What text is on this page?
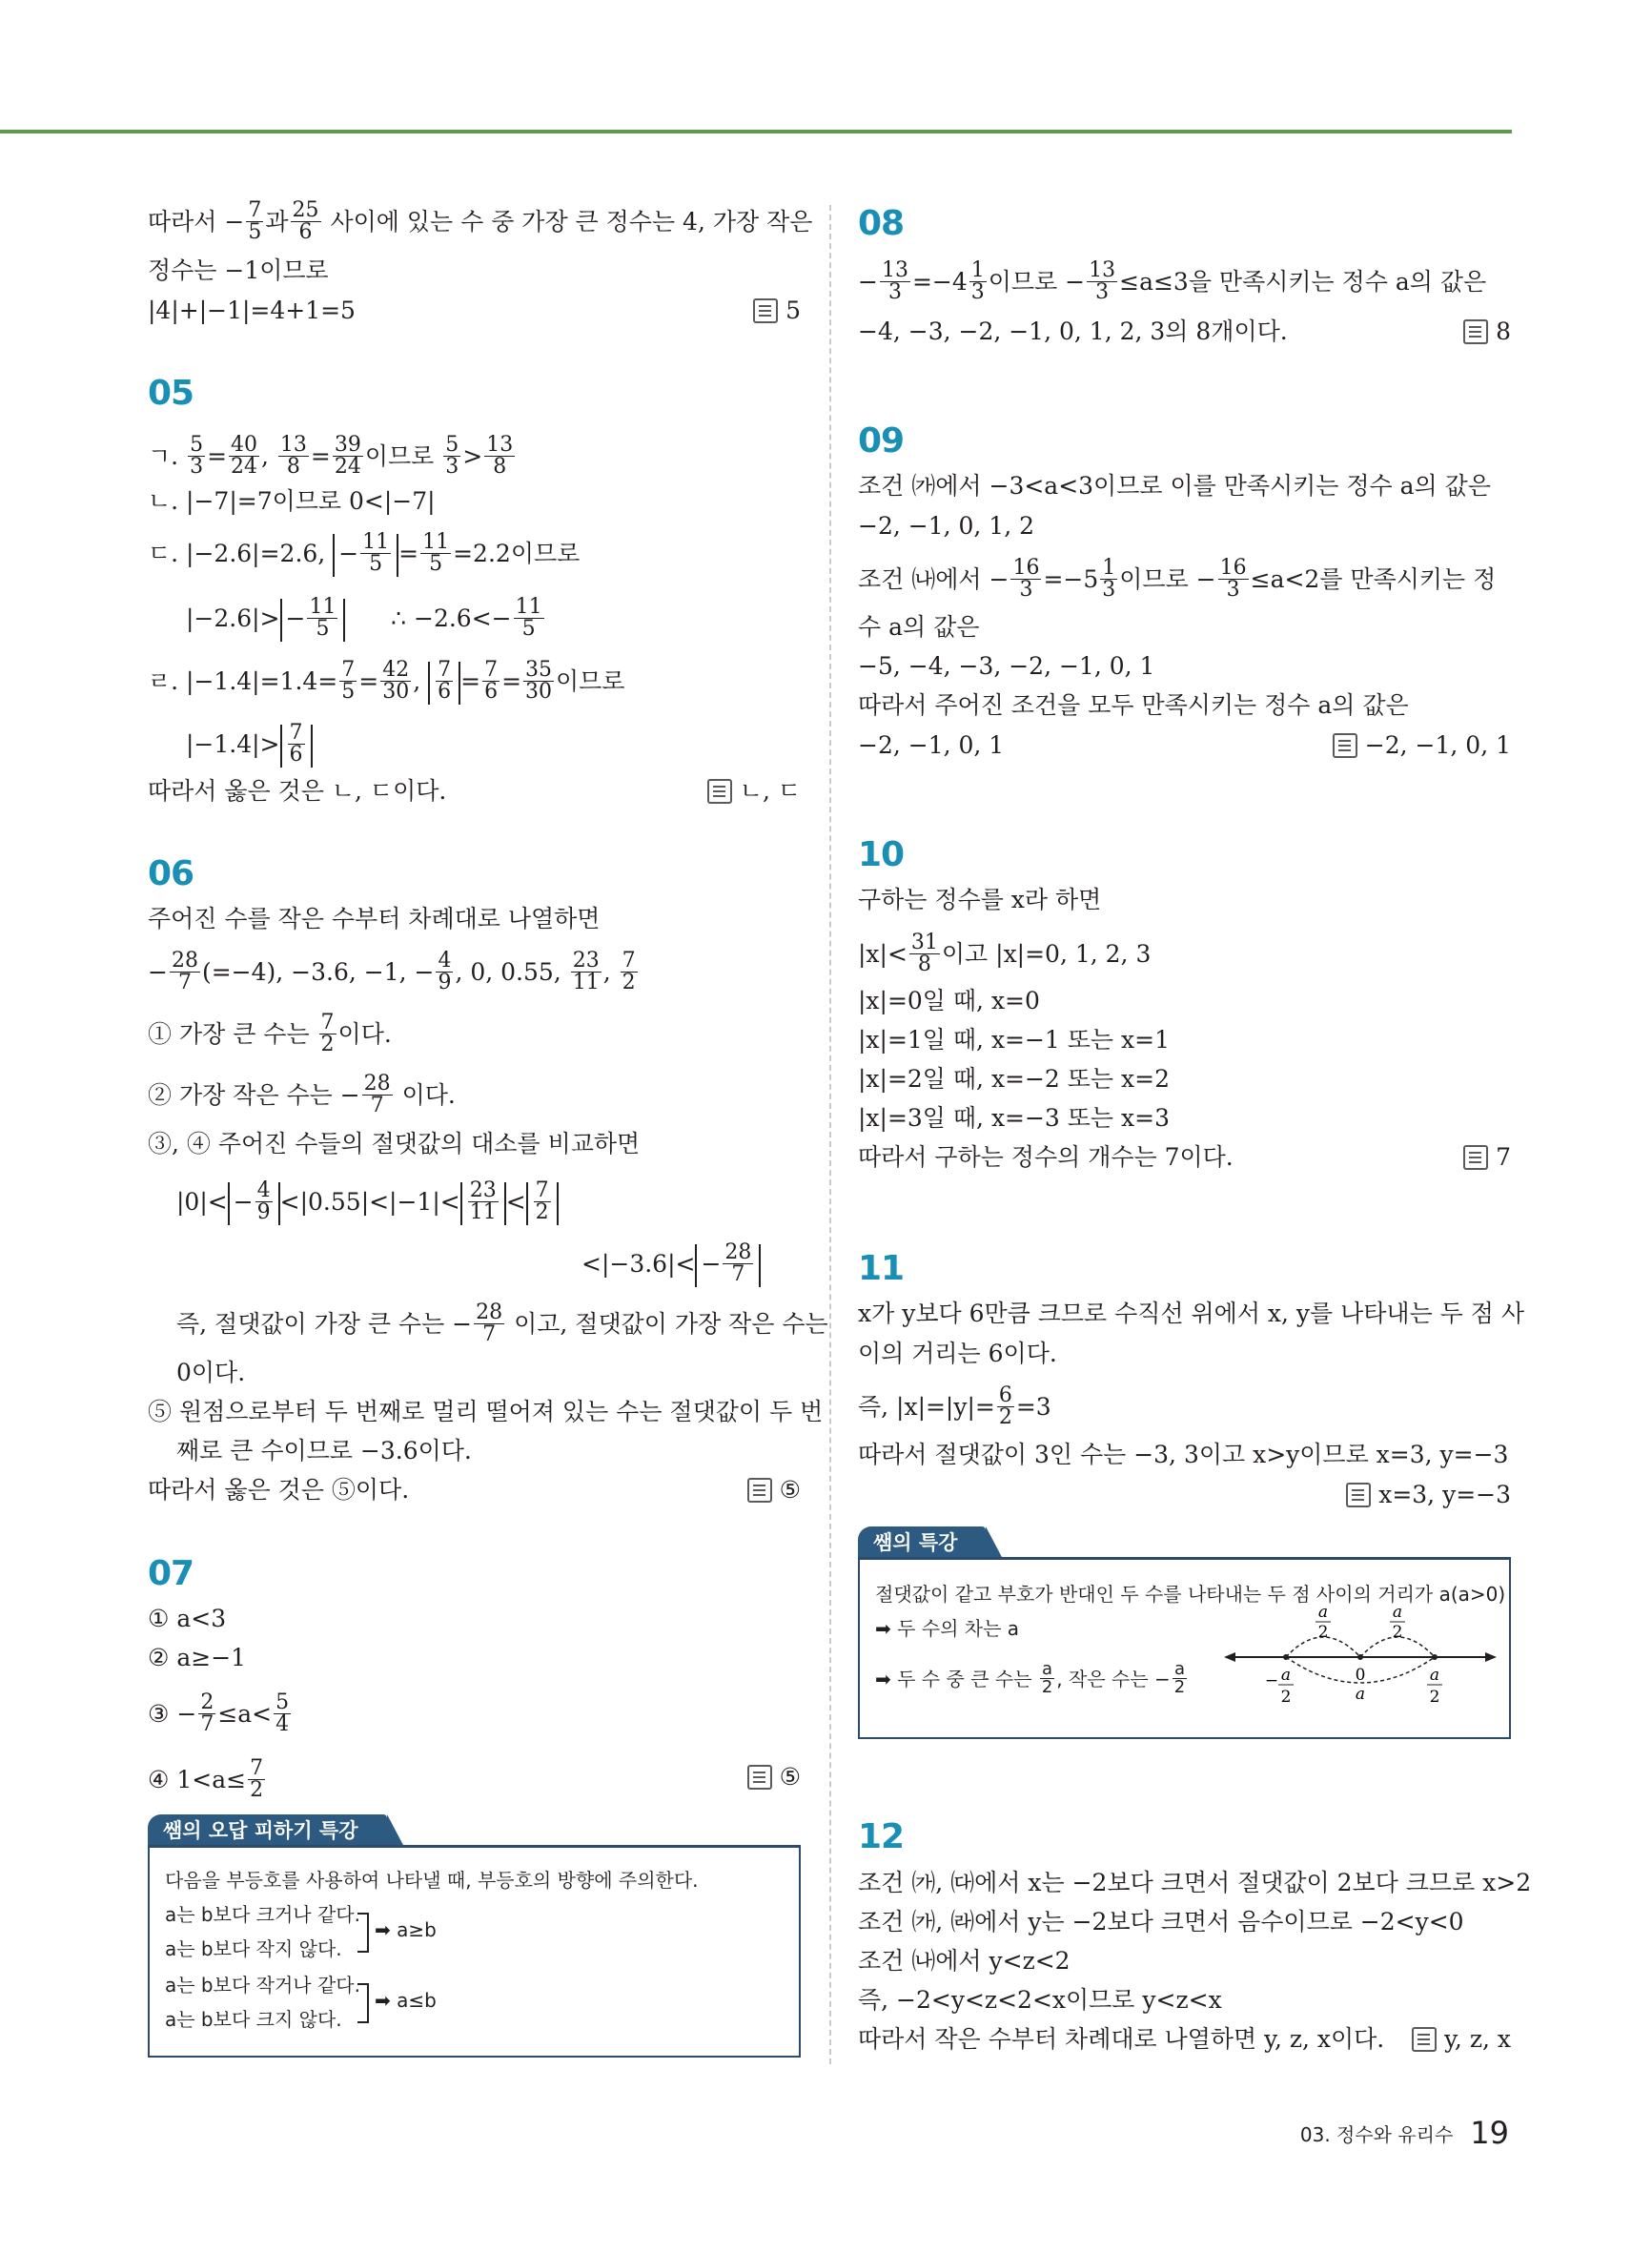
따라서 − $\frac{7}{5}$ 과 $\frac{25}{6}$ 사이에 있는 수 중 가장 큰 정수는 4, 가장 작은
정수는 −1이므로
|4|+|−1|=4+1=5	5
05
ㄱ. $\frac{5}{3} = \frac{40}{24}$ , $\frac{13}{8} = \frac{39}{24}$ 이므로 $\frac{5}{3} > \frac{13}{8}$
ㄴ. |−7|=7이므로 0<|−7|
ㄷ. |−2.6|=2.6, − $\frac{11}{5} = \frac{11}{5} =2.2$이므로
$|-2.6|> - \frac{11}{5}$ ∴ $-2.6<- \frac{11}{5}$
ㄹ. $|-1.4|=1.4= \frac{7}{5} = \frac{42}{30}$ , $\frac{7}{6} = \frac{7}{6} = \frac{35}{30}$ 이므로
$|-1.4|> \frac{7}{6}$
따라서 옳은 것은 ㄴ, ㄷ이다.	ㄴ, ㄷ
06
주어진 수를 작은 수부터 차례대로 나열하면
− $\frac{28}{7} (=-4)$, −3.6, −1, − $\frac{4}{9}$ , 0, 0.55, $\frac{23}{11}$ , $\frac{7}{2}$
① 가장 큰 수는 $\frac{7}{2}$ 이다.
② 가장 작은 수는 − $\frac{28}{7}$ 이다.
③, ④ 주어진 수들의 절댓값의 대소를 비교하면
$|0|< - \frac{4}{9} <|0.55|<|-1|< \frac{23}{11} < \frac{7}{2}$
$<|-3.6|< - \frac{28}{7}$
즉, 절댓값이 가장 큰 수는 − $\frac{28}{7}$ 이고, 절댓값이 가장 작은 수는
0이다.
⑤ 원점으로부터 두 번째로 멀리 떨어져 있는 수는 절댓값이 두 번
째로 큰 수이므로 −3.6이다.
따라서 옳은 것은 ⑤이다.	⑤
07
① a<3
② a≥−1
③ − $\frac{2}{7} \le a< \frac{5}{4}$
④ $1<a\le \frac{7}{2}$	⑤
쌤의 오답 피하기 특강
다음을 부등호를 사용하여 나타낼 때, 부등호의 방향에 주의한다.
a는 b보다 크거나 같다.
a는 b보다 작지 않다.
➡ a≥b
a는 b보다 작거나 같다.
a는 b보다 크지 않다.
➡ a≤b
08
− $\frac{13}{3} =-4 \frac{1}{3}$ 이므로 − $\frac{13}{3} \le a\le 3$을 만족시키는 정수 a의 값은
−4, −3, −2, −1, 0, 1, 2, 3의 8개이다.	8
09
조건 ㈎에서 −3<a<3이므로 이를 만족시키는 정수 a의 값은
−2, −1, 0, 1, 2
조건 ㈏에서 − $\frac{16}{3} =-5 \frac{1}{3}$ 이므로 − $\frac{16}{3} \le a<2$를 만족시키는 정
수 a의 값은
−5, −4, −3, −2, −1, 0, 1
따라서 주어진 조건을 모두 만족시키는 정수 a의 값은
−2, −1, 0, 1	−2, −1, 0, 1
10
구하는 정수를 x라 하면
$|x|< \frac{31}{8}$ 이고 |x|=0, 1, 2, 3
|x|=0일 때, x=0
|x|=1일 때, x=−1 또는 x=1
|x|=2일 때, x=−2 또는 x=2
|x|=3일 때, x=−3 또는 x=3
따라서 구하는 정수의 개수는 7이다.	7
11
x가 y보다 6만큼 크므로 수직선 위에서 x, y를 나타내는 두 점 사
이의 거리는 6이다.
즉, $|x|=|y|= \frac{6}{2} =3$
따라서 절댓값이 3인 수는 −3, 3이고 x>y이므로 x=3, y=−3
x=3, y=−3
쌤의 특강
절댓값이 같고 부호가 반대인 두 수를 나타내는 두 점 사이의 거리가 a(a>0)
➡ 두 수의 차는 a
➡ 두 수 중 큰 수는 $\frac{a}{2}$ , 작은 수는 − $\frac{a}{2}$
a
2
a
2
− a
2
0
a
a
2
12
조건 ㈎, ㈐에서 x는 −2보다 크면서 절댓값이 2보다 크므로 x>2
조건 ㈎, ㈑에서 y는 −2보다 크면서 음수이므로 −2<y<0
조건 ㈏에서 y<z<2
즉, −2<y<z<2<x이므로 y<z<x
따라서 작은 수부터 차례대로 나열하면 y, z, x이다.	y, z, x
03. 정수와 유리수 19
